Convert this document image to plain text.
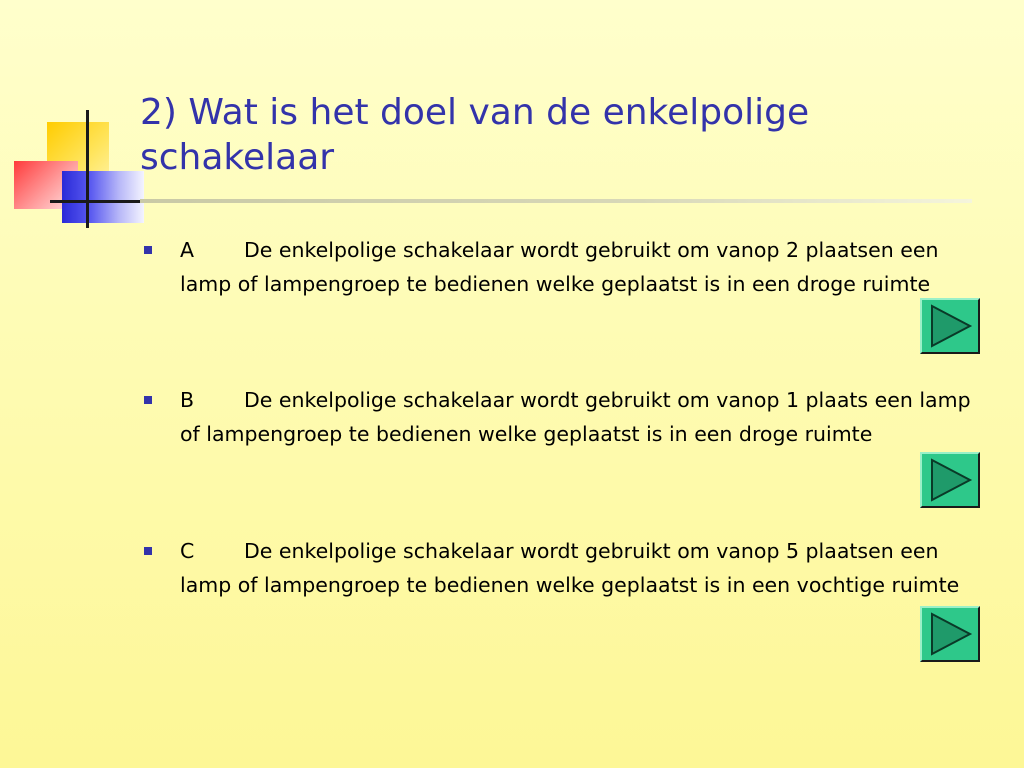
2) Wat is het doel van de enkelpolige schakelaar
A De enkelpolige schakelaar wordt gebruikt om vanop 2 plaatsen een lamp of lampengroep te bedienen welke geplaatst is in een droge ruimte
B De enkelpolige schakelaar wordt gebruikt om vanop 1 plaats een lamp of lampengroep te bedienen welke geplaatst is in een droge ruimte
C De enkelpolige schakelaar wordt gebruikt om vanop 5 plaatsen een lamp of lampengroep te bedienen welke geplaatst is in een vochtige ruimte
